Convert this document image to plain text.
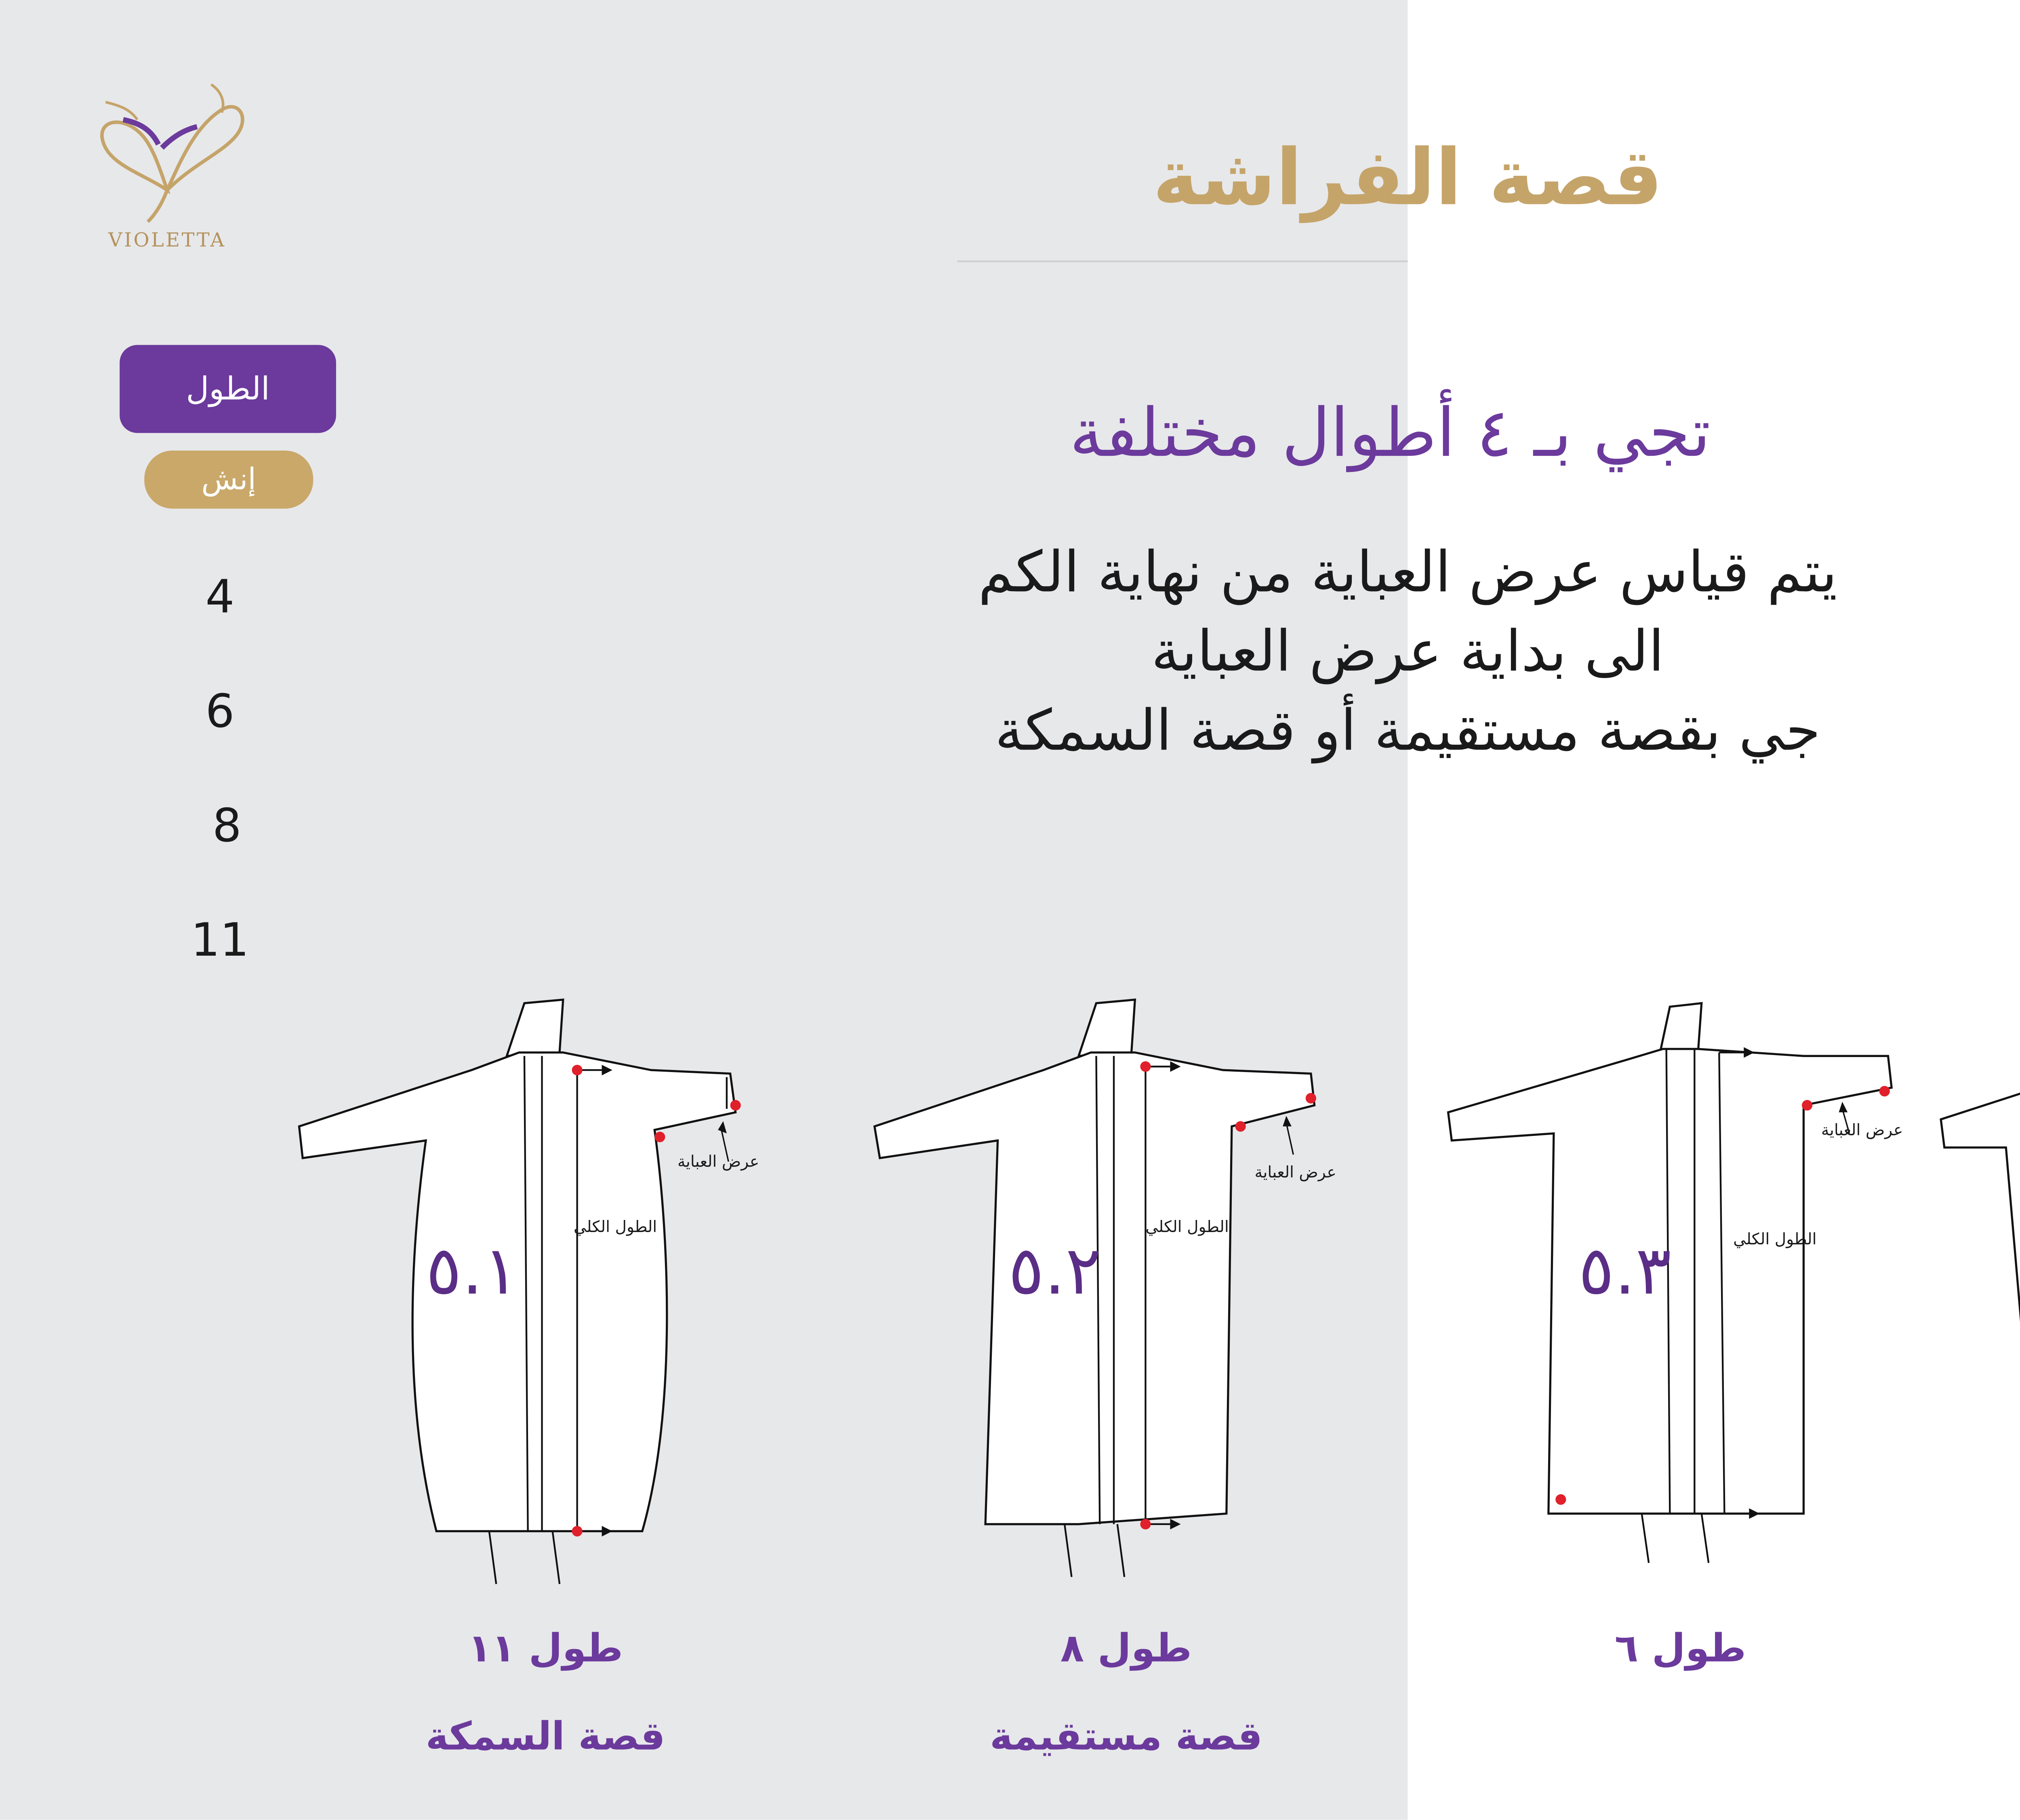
VIOLETTA
قصة الفراشة
الطول
إنش
4
6
8
11
تجي بـ ٤ أطوال مختلفة
يتم قياس عرض العباية من نهاية الكم
الى بداية عرض العباية
جي بقصة مستقيمة أو قصة السمكة
٥.١
عرض العباية
الطول الكلي
٥.٢
عرض العباية
الطول الكلي
٥.٣
عرض العباية
الطول الكلي
طول ١١
قصة السمكة
طول ٨
قصة مستقيمة
طول ٦
